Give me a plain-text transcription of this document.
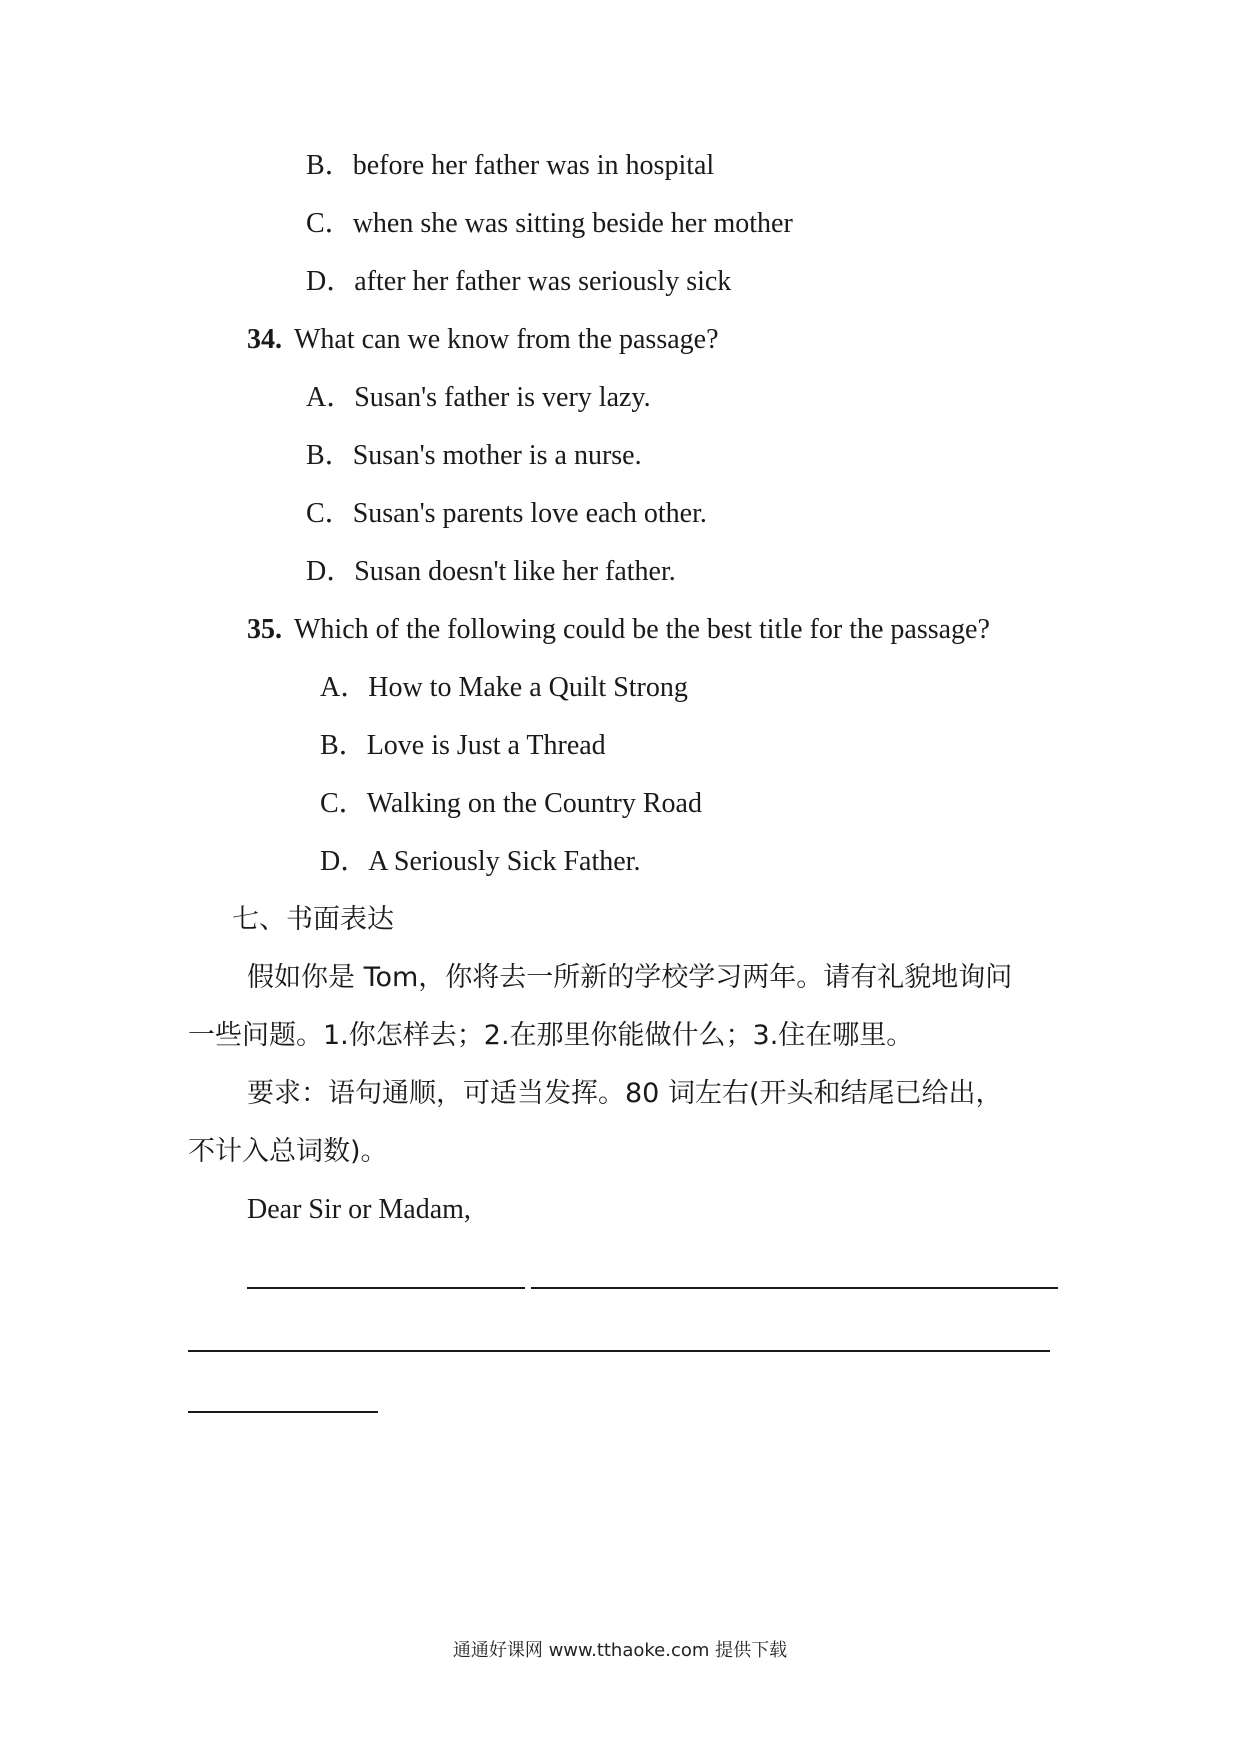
B．before her father was in hospital
C．when she was sitting beside her mother
D．after her father was seriously sick
34. What can we know from the passage?
A．Susan's father is very lazy.
B．Susan's mother is a nurse.
C．Susan's parents love each other.
D．Susan doesn't like her father.
35. Which of the following could be the best title for the passage?
A．How to Make a Quilt Strong
B．Love is Just a Thread
C．Walking on the Country Road
D．A Seriously Sick Father.
七、书面表达
假如你是 Tom，你将去一所新的学校学习两年。请有礼貌地询问
一些问题。1.你怎样去；2.在那里你能做什么；3.住在哪里。
要求：语句通顺，可适当发挥。80 词左右(开头和结尾已给出，
不计入总词数)。
Dear Sir or Madam,
通通好课网 www.tthaoke.com 提供下载
